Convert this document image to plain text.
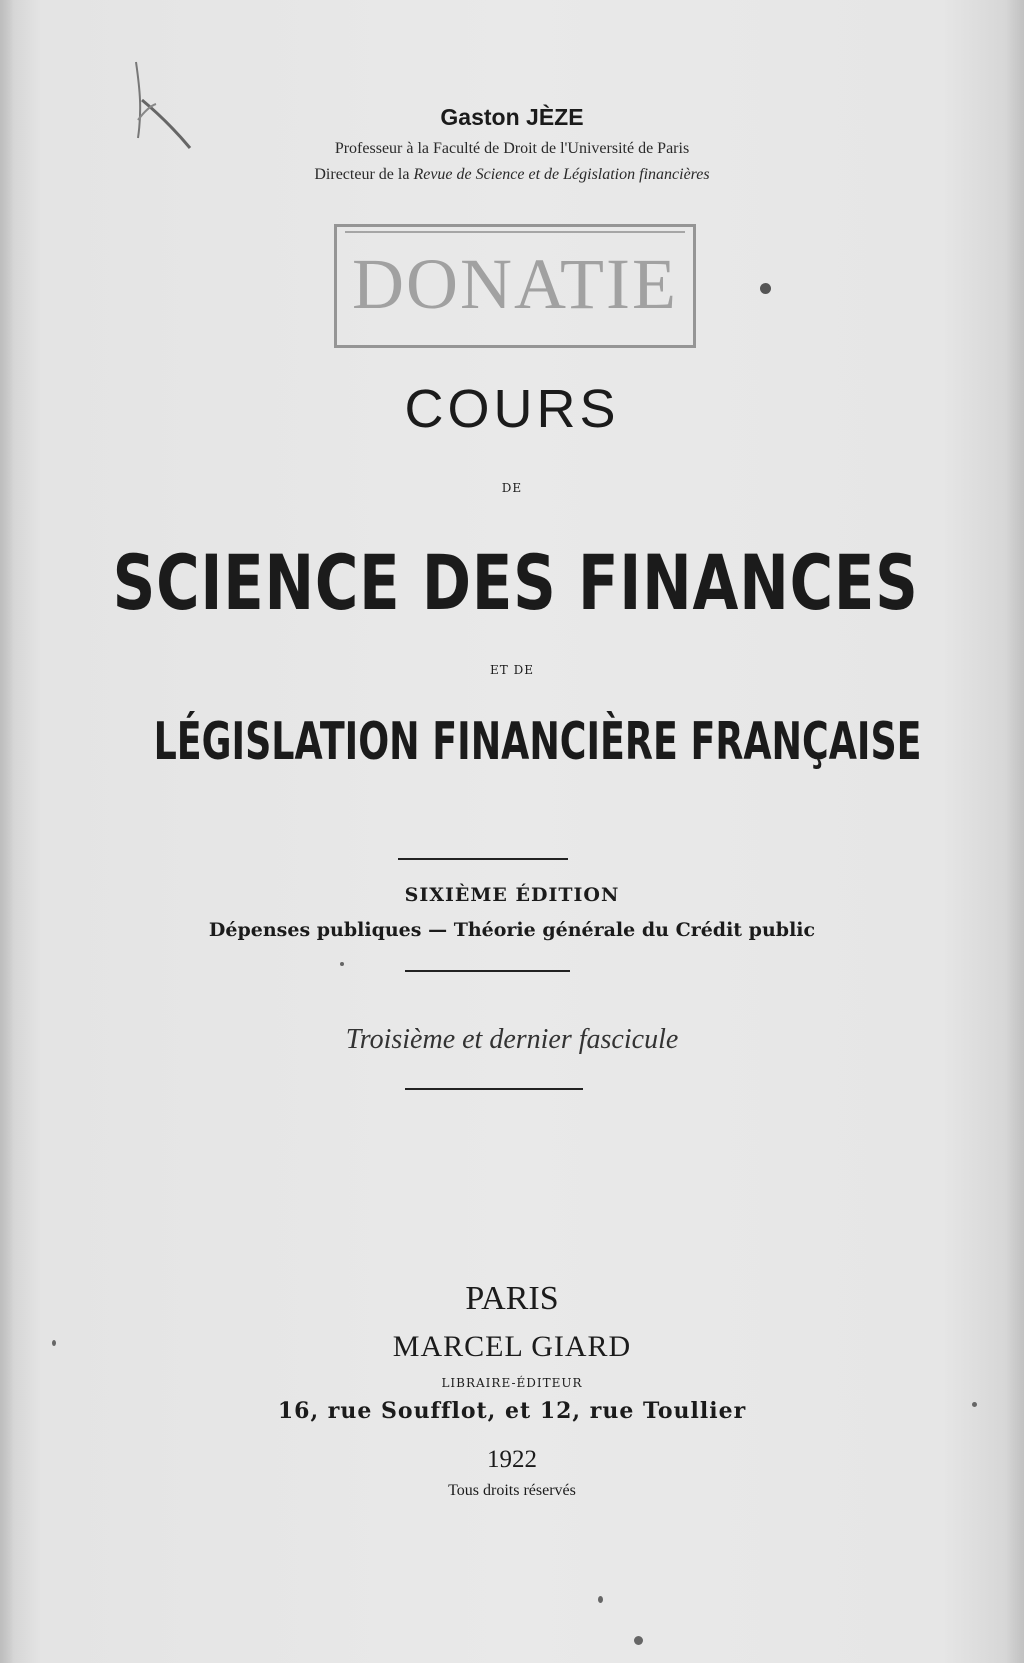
Gaston JÈZE
Professeur à la Faculté de Droit de l'Université de Paris
Directeur de la Revue de Science et de Législation financières
DONATIE
COURS
DE
SCIENCE DES FINANCES
ET DE
LÉGISLATION FINANCIÈRE FRANÇAISE
SIXIÈME ÉDITION
Dépenses publiques — Théorie générale du Crédit public
Troisième et dernier fascicule
PARIS
MARCEL GIARD
LIBRAIRE-ÉDITEUR
16, rue Soufflot, et 12, rue Toullier
1922
Tous droits réservés
